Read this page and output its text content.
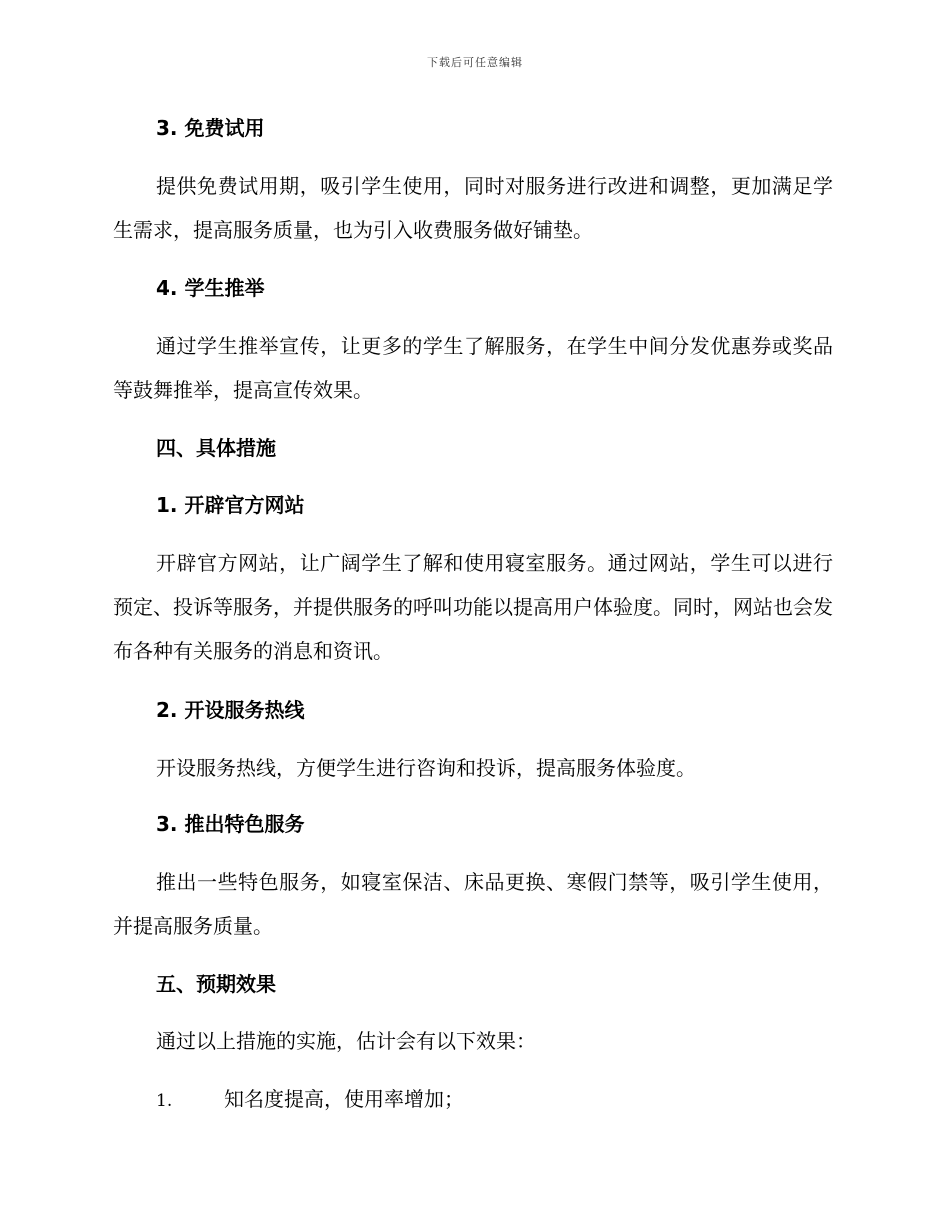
下载后可任意编辑
3. 免费试用
提供免费试用期，吸引学生使用，同时对服务进行改进和调整，更加满足学生需求，提高服务质量，也为引入收费服务做好铺垫。
4. 学生推举
通过学生推举宣传，让更多的学生了解服务，在学生中间分发优惠券或奖品等鼓舞推举，提高宣传效果。
四、具体措施
1. 开辟官方网站
开辟官方网站，让广阔学生了解和使用寝室服务。通过网站，学生可以进行预定、投诉等服务，并提供服务的呼叫功能以提高用户体验度。同时，网站也会发布各种有关服务的消息和资讯。
2. 开设服务热线
开设服务热线，方便学生进行咨询和投诉，提高服务体验度。
3. 推出特色服务
推出一些特色服务，如寝室保洁、床品更换、寒假门禁等，吸引学生使用，并提高服务质量。
五、预期效果
通过以上措施的实施，估计会有以下效果：
1.	知名度提高，使用率增加；
